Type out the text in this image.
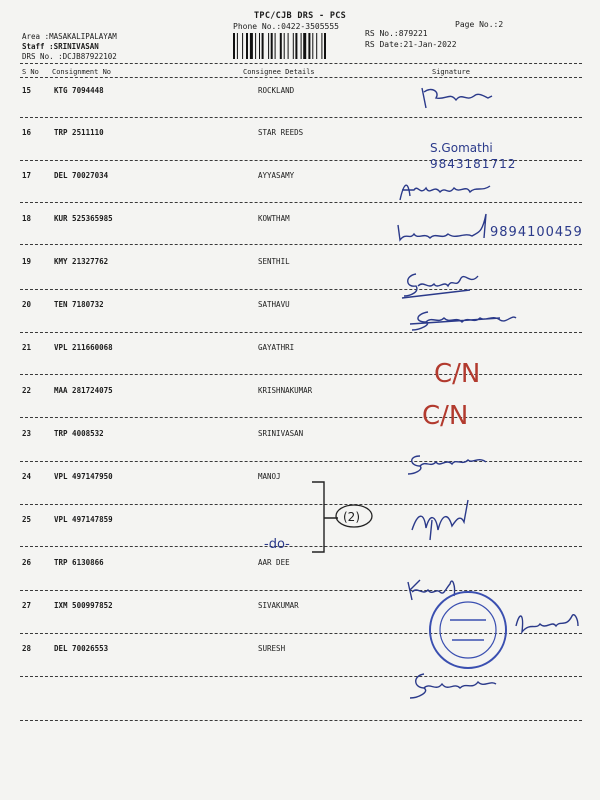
TPC/CJB DRS - PCS
Phone No.:0422-3505555	Page No.:2
RS No.:879221
RS Date:21-Jan-2022
Area :MASAKALIPALAYAM
Staff :SRINIVASAN
DRS No. :DCJB87922102
S No Consignment No	Consignee Details	Signature
15	KTG 7094448	ROCKLAND
16	TRP 2511110	STAR REEDS
17	DEL 70027034	AYYASAMY
18	KUR 525365985	KOWTHAM
19	KMY 21327762	SENTHIL
20	TEN 7180732	SATHAVU
21	VPL 211660068	GAYATHRI
22	MAA 281724075	KRISHNAKUMAR
23	TRP 4008532	SRINIVASAN
24	VPL 497147950	MANOJ
25	VPL 497147859
26	TRP 6130866	AAR DEE
27	IXM 500997852	SIVAKUMAR
28	DEL 70026553	SURESH
S.Gomathi
9843181712
9894100459
C/N
C/N
-do-
(2)
